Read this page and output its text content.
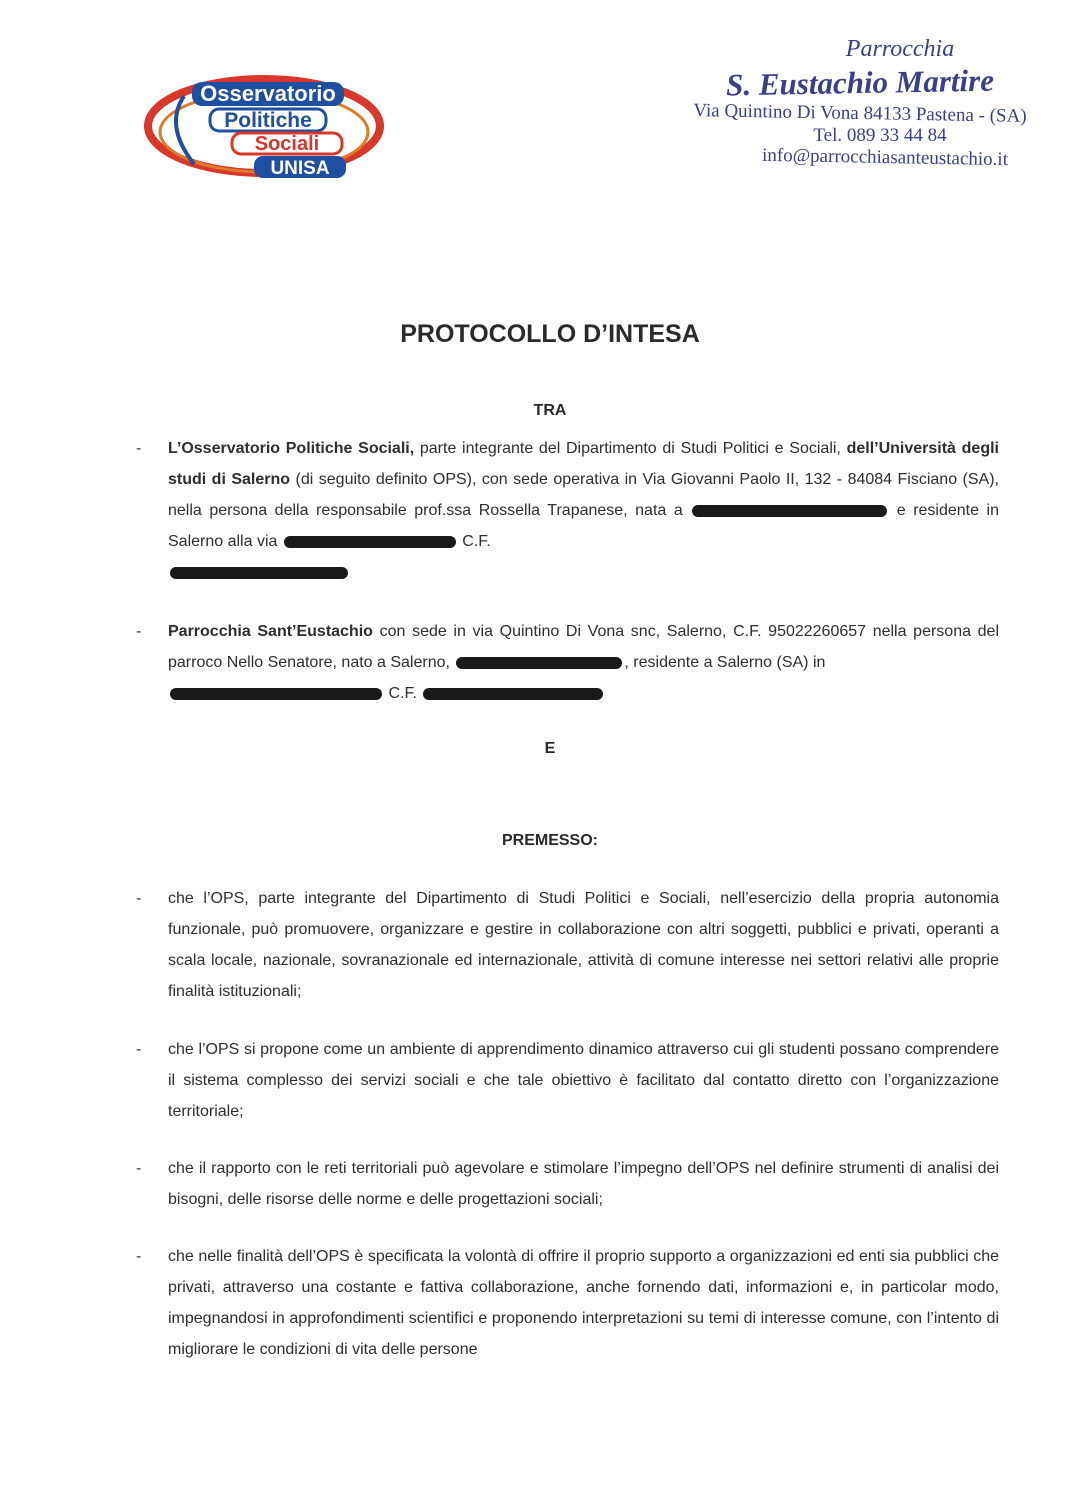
Osservatorio
Politiche
Sociali
UNISA
Parrocchia
S. Eustachio Martire
Via Quintino Di Vona 84133 Pastena - (SA)
Tel. 089 33 44 84
info@parrocchiasanteustachio.it
PROTOCOLLO D’INTESA
TRA
- L’Osservatorio Politiche Sociali, parte integrante del Dipartimento di Studi Politici e Sociali, dell’Università degli studi di Salerno (di seguito definito OPS), con sede operativa in Via Giovanni Paolo II, 132 - 84084 Fisciano (SA), nella persona della responsabile prof.ssa Rossella Trapanese, nata a	e residente in Salerno alla via	C.F.

- Parrocchia Sant’Eustachio con sede in via Quintino Di Vona snc, Salerno, C.F. 95022260657 nella persona del parroco Nello Senatore, nato a Salerno,	, residente a Salerno (SA) in
C.F.
E
PREMESSO:
- che l’OPS, parte integrante del Dipartimento di Studi Politici e Sociali, nell’esercizio della propria autonomia funzionale, può promuovere, organizzare e gestire in collaborazione con altri soggetti, pubblici e privati, operanti a scala locale, nazionale, sovranazionale ed internazionale, attività di comune interesse nei settori relativi alle proprie finalità istituzionali;
- che l’OPS si propone come un ambiente di apprendimento dinamico attraverso cui gli studenti possano comprendere il sistema complesso dei servizi sociali e che tale obiettivo è facilitato dal contatto diretto con l’organizzazione territoriale;
- che il rapporto con le reti territoriali può agevolare e stimolare l’impegno dell’OPS nel definire strumenti di analisi dei bisogni, delle risorse delle norme e delle progettazioni sociali;
- che nelle finalità dell’OPS è specificata la volontà di offrire il proprio supporto a organizzazioni ed enti sia pubblici che privati, attraverso una costante e fattiva collaborazione, anche fornendo dati, informazioni e, in particolar modo, impegnandosi in approfondimenti scientifici e proponendo interpretazioni su temi di interesse comune, con l’intento di migliorare le condizioni di vita delle persone
